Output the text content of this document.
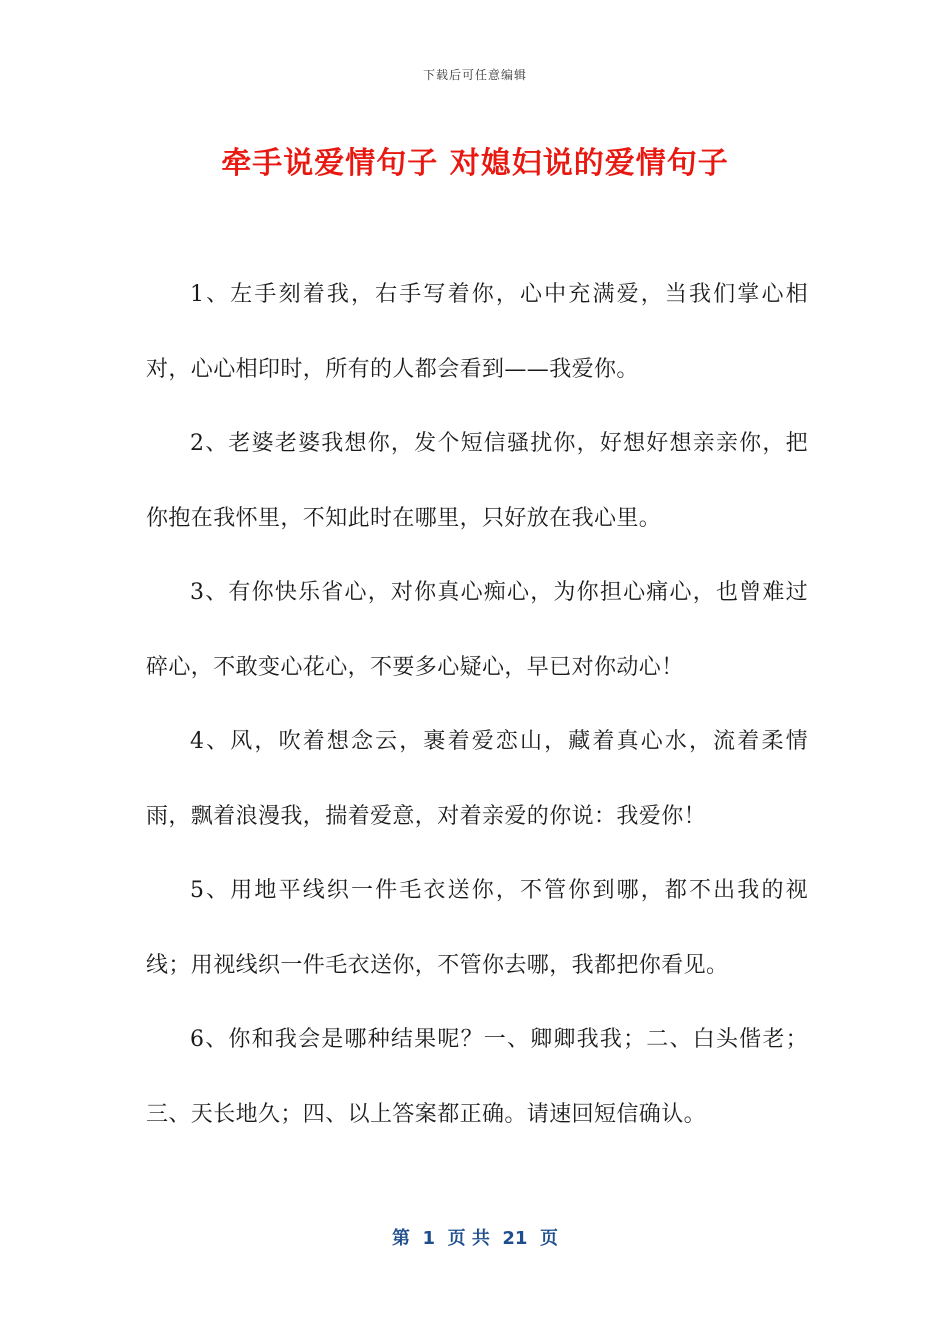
下载后可任意编辑
牵手说爱情句子 对媳妇说的爱情句子

1、左手刻着我，右手写着你，心中充满爱，当我们掌心相对，心心相印时，所有的人都会看到——我爱你。

2、老婆老婆我想你，发个短信骚扰你，好想好想亲亲你，把你抱在我怀里，不知此时在哪里，只好放在我心里。

3、有你快乐省心，对你真心痴心，为你担心痛心，也曾难过碎心，不敢变心花心，不要多心疑心，早已对你动心！

4、风，吹着想念云，裹着爱恋山，藏着真心水，流着柔情雨，飘着浪漫我，揣着爱意，对着亲爱的你说：我爱你！

5、用地平线织一件毛衣送你，不管你到哪，都不出我的视线；用视线织一件毛衣送你，不管你去哪，我都把你看见。

6、你和我会是哪种结果呢？一、卿卿我我；二、白头偕老；三、天长地久；四、以上答案都正确。请速回短信确认。

第  1  页 共  21  页
